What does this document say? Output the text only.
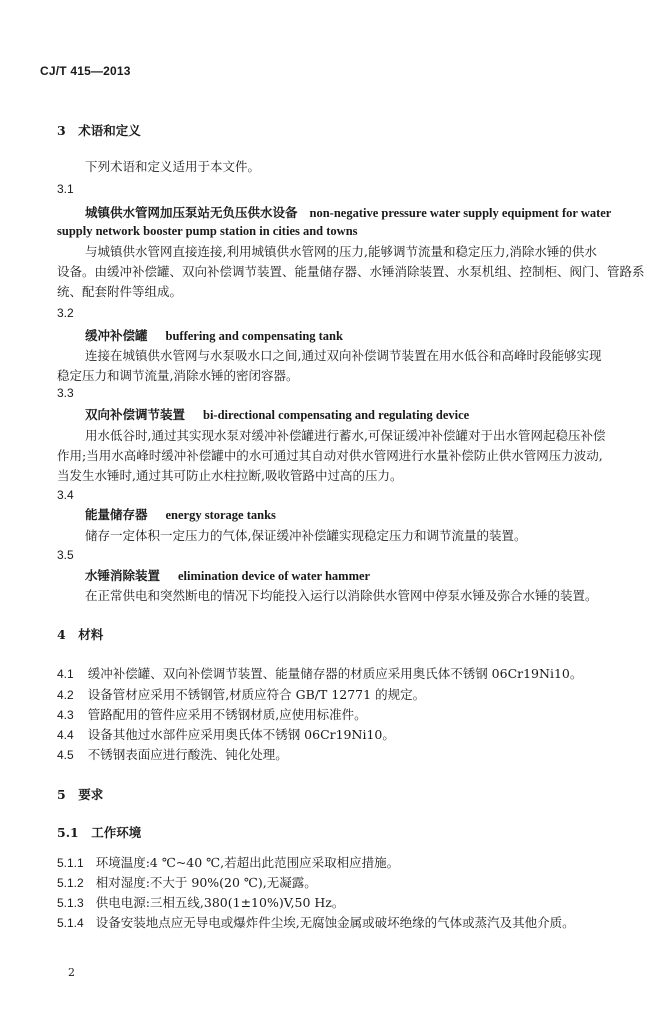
CJ/T 415—2013
3　术语和定义
下列术语和定义适用于本文件。
3.1
城镇供水管网加压泵站无负压供水设备 non-negative pressure water supply equipment for water
supply network booster pump station in cities and towns
与城镇供水管网直接连接,利用城镇供水管网的压力,能够调节流量和稳定压力,消除水锤的供水
设备。由缓冲补偿罐、双向补偿调节装置、能量储存器、水锤消除装置、水泵机组、控制柜、阀门、管路系
统、配套附件等组成。
3.2
缓冲补偿罐 buffering and compensating tank
连接在城镇供水管网与水泵吸水口之间,通过双向补偿调节装置在用水低谷和高峰时段能够实现
稳定压力和调节流量,消除水锤的密闭容器。
3.3
双向补偿调节装置 bi-directional compensating and regulating device
用水低谷时,通过其实现水泵对缓冲补偿罐进行蓄水,可保证缓冲补偿罐对于出水管网起稳压补偿
作用;当用水高峰时缓冲补偿罐中的水可通过其自动对供水管网进行水量补偿防止供水管网压力波动,
当发生水锤时,通过其可防止水柱拉断,吸收管路中过高的压力。
3.4
能量储存器 energy storage tanks
储存一定体积一定压力的气体,保证缓冲补偿罐实现稳定压力和调节流量的装置。
3.5
水锤消除装置 elimination device of water hammer
在正常供电和突然断电的情况下均能投入运行以消除供水管网中停泵水锤及弥合水锤的装置。
4　材料
4.1 缓冲补偿罐、双向补偿调节装置、能量储存器的材质应采用奥氏体不锈钢 06Cr19Ni10。
4.2 设备管材应采用不锈钢管,材质应符合 GB/T 12771 的规定。
4.3 管路配用的管件应采用不锈钢材质,应使用标准件。
4.4 设备其他过水部件应采用奥氏体不锈钢 06Cr19Ni10。
4.5 不锈钢表面应进行酸洗、钝化处理。
5　要求
5.1　工作环境
5.1.1 环境温度:4 ℃~40 ℃,若超出此范围应采取相应措施。
5.1.2 相对湿度:不大于 90%(20 ℃),无凝露。
5.1.3 供电电源:三相五线,380(1±10%)V,50 Hz。
5.1.4 设备安装地点应无导电或爆炸件尘埃,无腐蚀金属或破坏绝缘的气体或蒸汽及其他介质。
2
